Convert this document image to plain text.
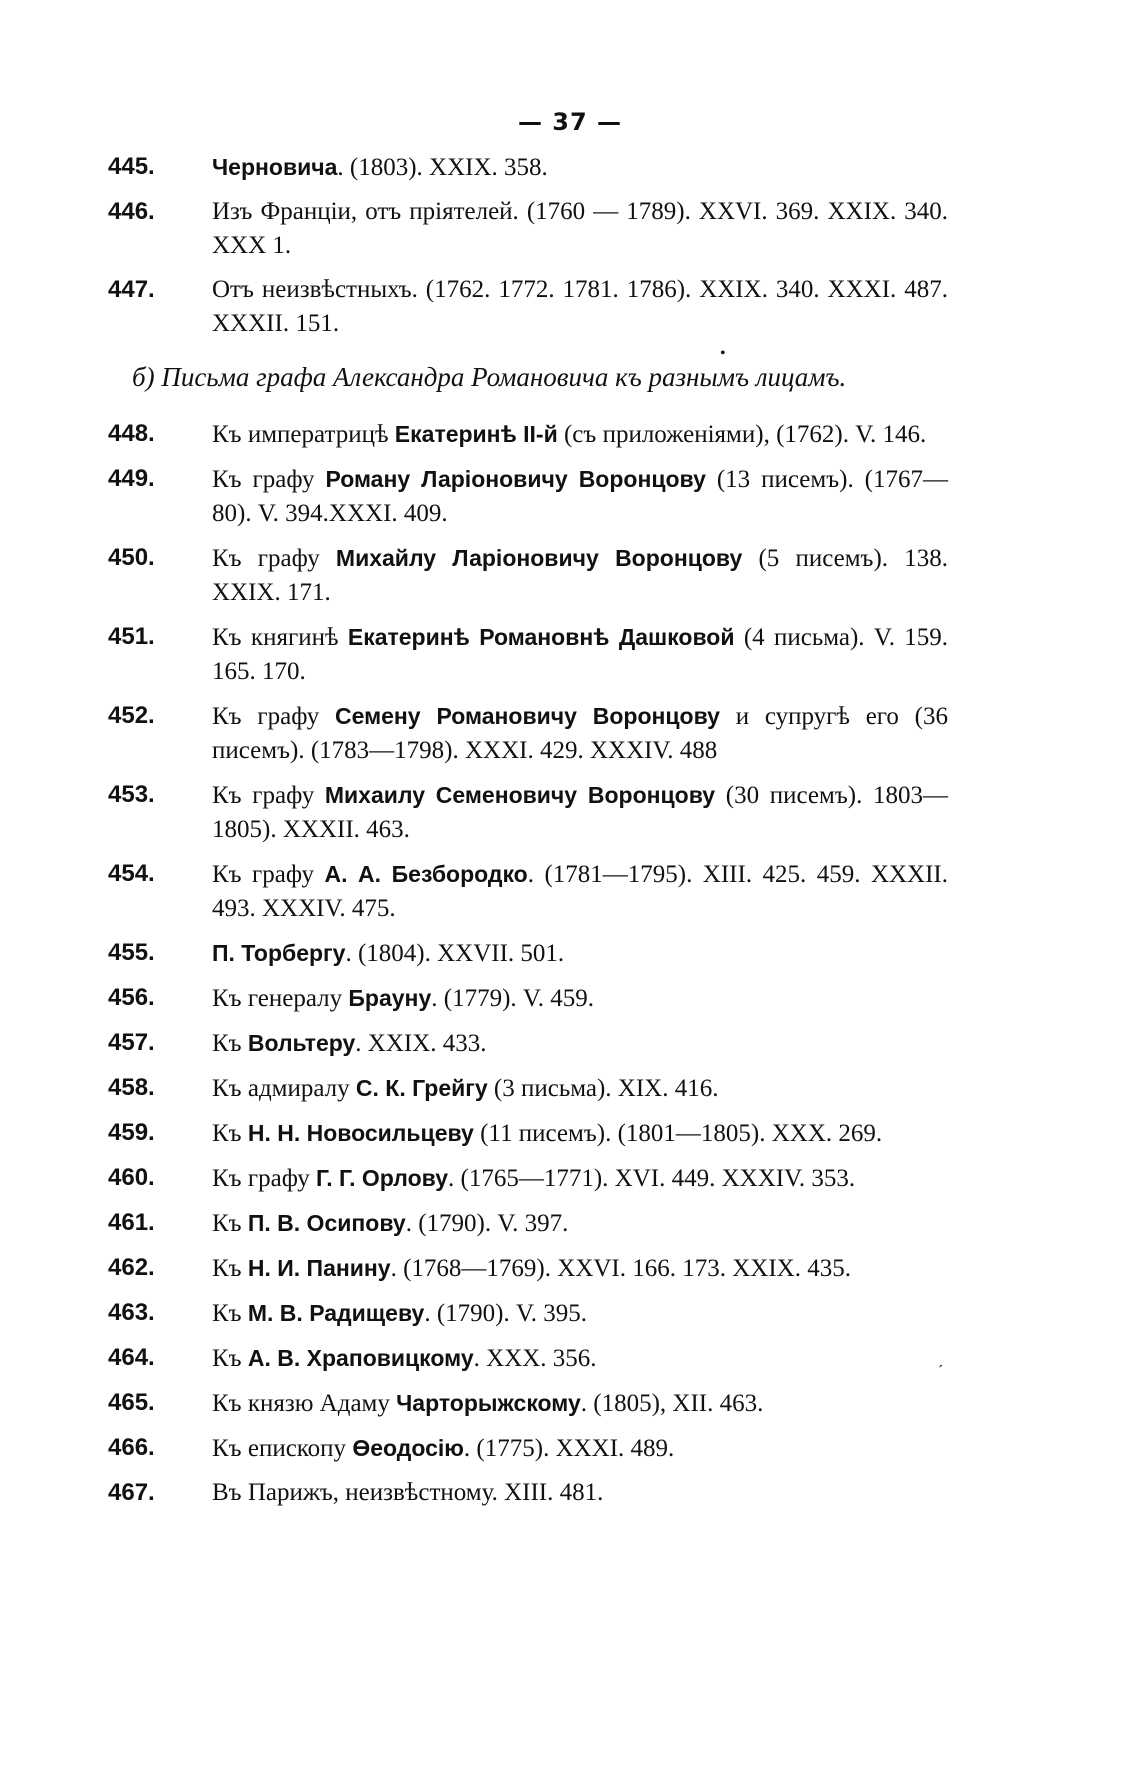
— 37 —
445.	Черновича. (1803). XXIX. 358.
446.	Изъ Франціи, отъ пріятелей. (1760 — 1789). XXVI. 369. XXIX. 340. XXX 1.
447.	Отъ неизвѣстныхъ. (1762. 1772. 1781. 1786). XXIX. 340. XXXI. 487. XXXII. 151.
б) Письма графа Александра Романовича къ разнымъ лицамъ.
448.	Къ императрицѣ Екатеринѣ II-й (съ приложеніями), (1762). V. 146.
449.	Къ графу Роману Ларіоновичу Воронцову (13 писемъ). (1767—80). V. 394.XXXI. 409.
450.	Къ графу Михайлу Ларіоновичу Воронцову (5 писемъ). 138. XXIX. 171.
451.	Къ княгинѣ Екатеринѣ Романовнѣ Дашковой (4 письма). V. 159. 165. 170.
452.	Къ графу Семену Романовичу Воронцову и супругѣ его (36 писемъ). (1783—1798). XXXI. 429. XXXIV. 488
453.	Къ графу Михаилу Семеновичу Воронцову (30 писемъ). 1803—1805). XXXII. 463.
454.	Къ графу А. А. Безбородко. (1781—1795). XIII. 425. 459. XXXII. 493. XXXIV. 475.
455.	П. Торбергу. (1804). XXVII. 501.
456.	Къ генералу Брауну. (1779). V. 459.
457.	Къ Вольтеру. XXIX. 433.
458.	Къ адмиралу С. К. Грейгу (3 письма). XIX. 416.
459.	Къ Н. Н. Новосильцеву (11 писемъ). (1801—1805). XXX. 269.
460.	Къ графу Г. Г. Орлову. (1765—1771). XVI. 449. XXXIV. 353.
461.	Къ П. В. Осипову. (1790). V. 397.
462.	Къ Н. И. Панину. (1768—1769). XXVI. 166. 173. XXIX. 435.
463.	Къ М. В. Радищеву. (1790). V. 395.
464.	Къ А. В. Храповицкому. XXX. 356.
465.	Къ князю Адаму Чарторыжскому. (1805), XII. 463.
466.	Къ епископу Өеодосію. (1775). XXXI. 489.
467.	Въ Парижъ, неизвѣстному. XIII. 481.
•
ˊ
